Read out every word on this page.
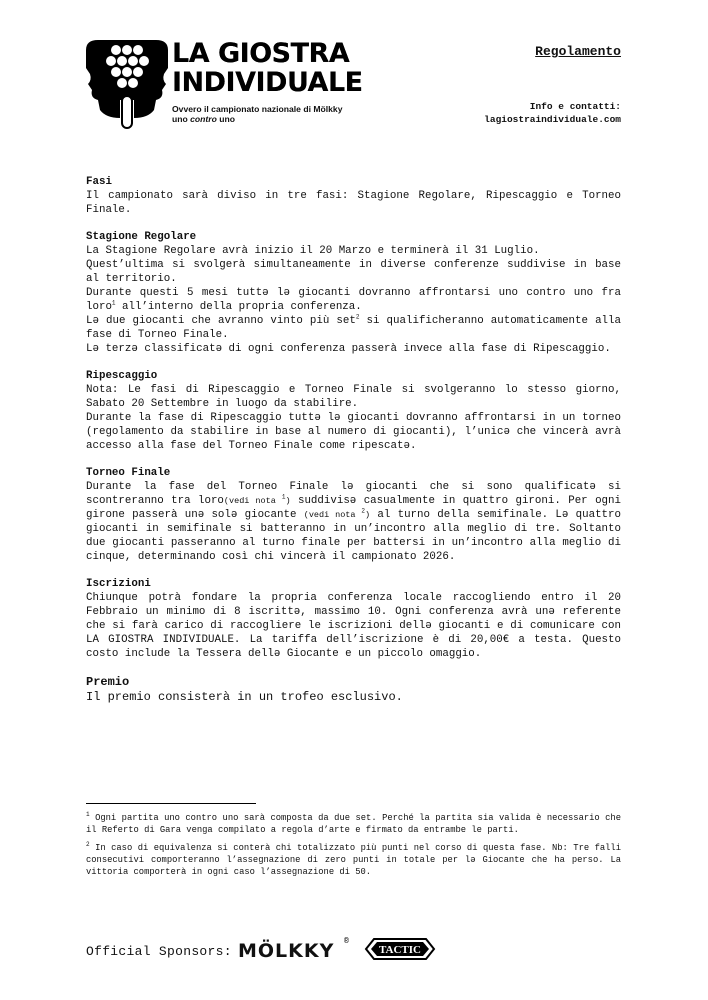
LA GIOSTRA
INDIVIDUALE
Ovvero il campionato nazionale di Mölkky
uno contro uno
Regolamento
Info e contatti:
lagiostraindividuale.com
Fasi

Il campionato sarà diviso in tre fasi: Stagione Regolare, Ripescaggio e Torneo Finale.

Stagione Regolare

La Stagione Regolare avrà inizio il 20 Marzo e terminerà il 31 Luglio.

Quest’ultima si svolgerà simultaneamente in diverse conferenze suddivise in base al territorio.

Durante questi 5 mesi tuttə lə giocanti dovranno affrontarsi uno contro uno fra loro$^1$ all’interno della propria conferenza.

Lə due giocanti che avranno vinto più set$^2$ si qualificheranno automaticamente alla fase di Torneo Finale.

Lə terzə classificatə di ogni conferenza passerà invece alla fase di Ripescaggio.

Ripescaggio

Nota: Le fasi di Ripescaggio e Torneo Finale si svolgeranno lo stesso giorno, Sabato 20 Settembre in luogo da stabilire.

Durante la fase di Ripescaggio tuttə lə giocanti dovranno affrontarsi in un torneo (regolamento da stabilire in base al numero di giocanti), l’unicə che vincerà avrà accesso alla fase del Torneo Finale come ripescatə.

Torneo Finale

Durante la fase del Torneo Finale lə giocanti che si sono qualificatə si scontreranno tra loro(vedi nota $^1$) suddivisə casualmente in quattro gironi. Per ogni girone passerà unə solə giocante (vedi nota $^2$) al turno della semifinale. Lə quattro giocanti in semifinale si batteranno in un’incontro alla meglio di tre. Soltanto due giocanti passeranno al turno finale per battersi in un’incontro alla meglio di cinque, determinando così chi vincerà il campionato 2026.

Iscrizioni

Chiunque potrà fondare la propria conferenza locale raccogliendo entro il 20 Febbraio un minimo di 8 iscrittə, massimo 10. Ogni conferenza avrà unə referente che si farà carico di raccogliere le iscrizioni dellə giocanti e di comunicare con LA GIOSTRA INDIVIDUALE. La tariffa dell’iscrizione è di 20,00€ a testa. Questo costo include la Tessera dellə Giocante e un piccolo omaggio.

Premio

Il premio consisterà in un trofeo esclusivo.

$^1$ Ogni partita uno contro uno sarà composta da due set. Perché la partita sia valida è necessario che il Referto di Gara venga compilato a regola d’arte e firmato da entrambe le parti.

$^2$ In caso di equivalenza si conterà chi totalizzato più punti nel corso di questa fase. Nb: Tre falli consecutivi comporteranno l’assegnazione di zero punti in totale per lə Giocante che ha perso. La vittoria comporterà in ogni caso l’assegnazione di 50.

Official Sponsors: MÖLKKY ®
TACTIC
